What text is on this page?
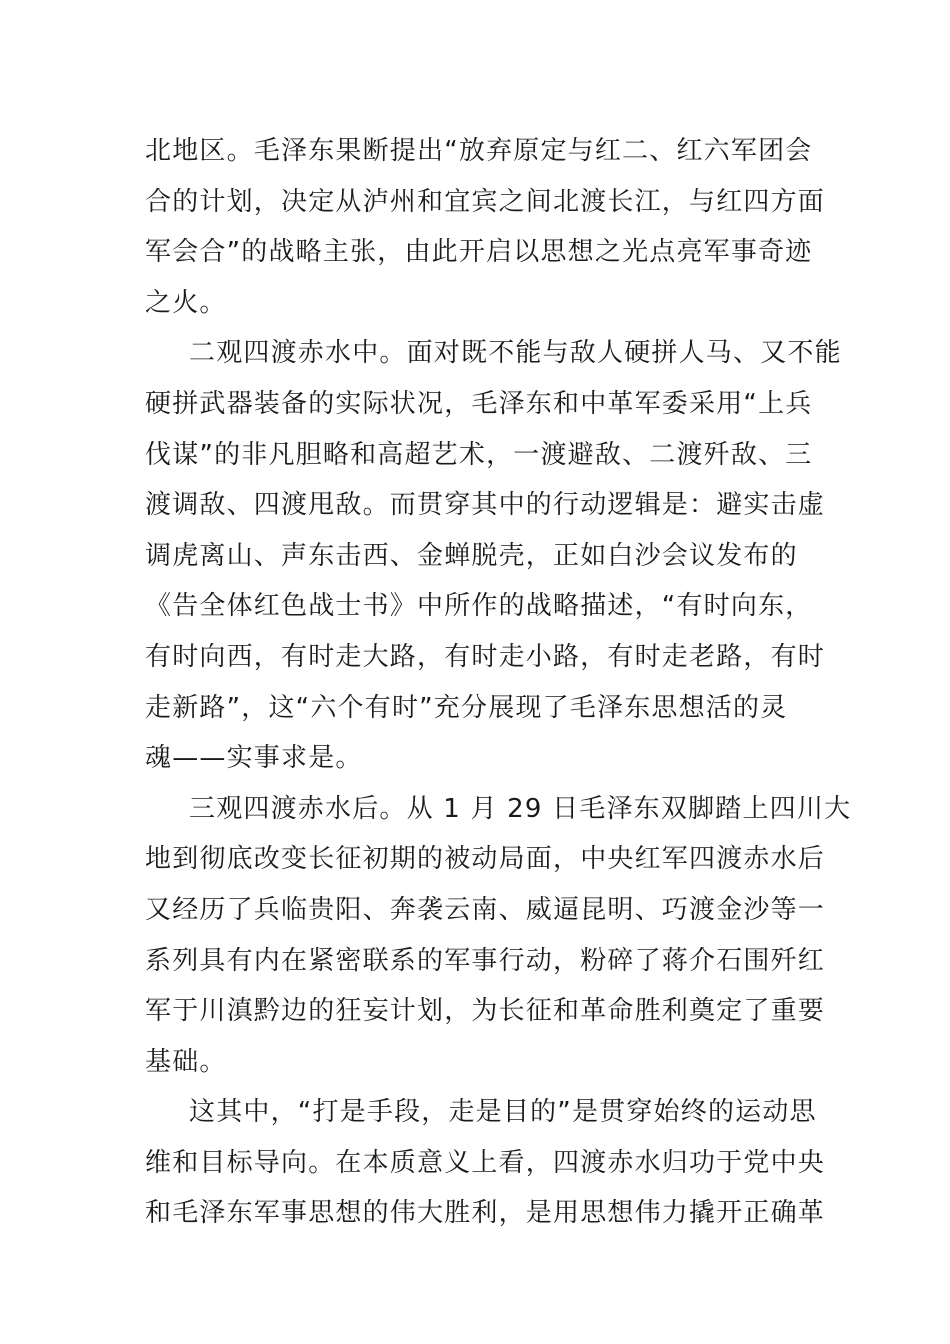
北地区。毛泽东果断提出“放弃原定与红二、红六军团会
合的计划，决定从泸州和宜宾之间北渡长江，与红四方面
军会合”的战略主张，由此开启以思想之光点亮军事奇迹
之火。
二观四渡赤水中。面对既不能与敌人硬拼人马、又不能
硬拼武器装备的实际状况，毛泽东和中革军委采用“上兵
伐谋”的非凡胆略和高超艺术，一渡避敌、二渡歼敌、三
渡调敌、四渡甩敌。而贯穿其中的行动逻辑是：避实击虚
调虎离山、声东击西、金蝉脱壳，正如白沙会议发布的
《告全体红色战士书》中所作的战略描述，“有时向东，
有时向西，有时走大路，有时走小路，有时走老路，有时
走新路”，这“六个有时”充分展现了毛泽东思想活的灵
魂——实事求是。
三观四渡赤水后。从 1 月 29 日毛泽东双脚踏上四川大
地到彻底改变长征初期的被动局面，中央红军四渡赤水后
又经历了兵临贵阳、奔袭云南、威逼昆明、巧渡金沙等一
系列具有内在紧密联系的军事行动，粉碎了蒋介石围歼红
军于川滇黔边的狂妄计划，为长征和革命胜利奠定了重要
基础。
这其中，“打是手段，走是目的”是贯穿始终的运动思
维和目标导向。在本质意义上看，四渡赤水归功于党中央
和毛泽东军事思想的伟大胜利，是用思想伟力撬开正确革
